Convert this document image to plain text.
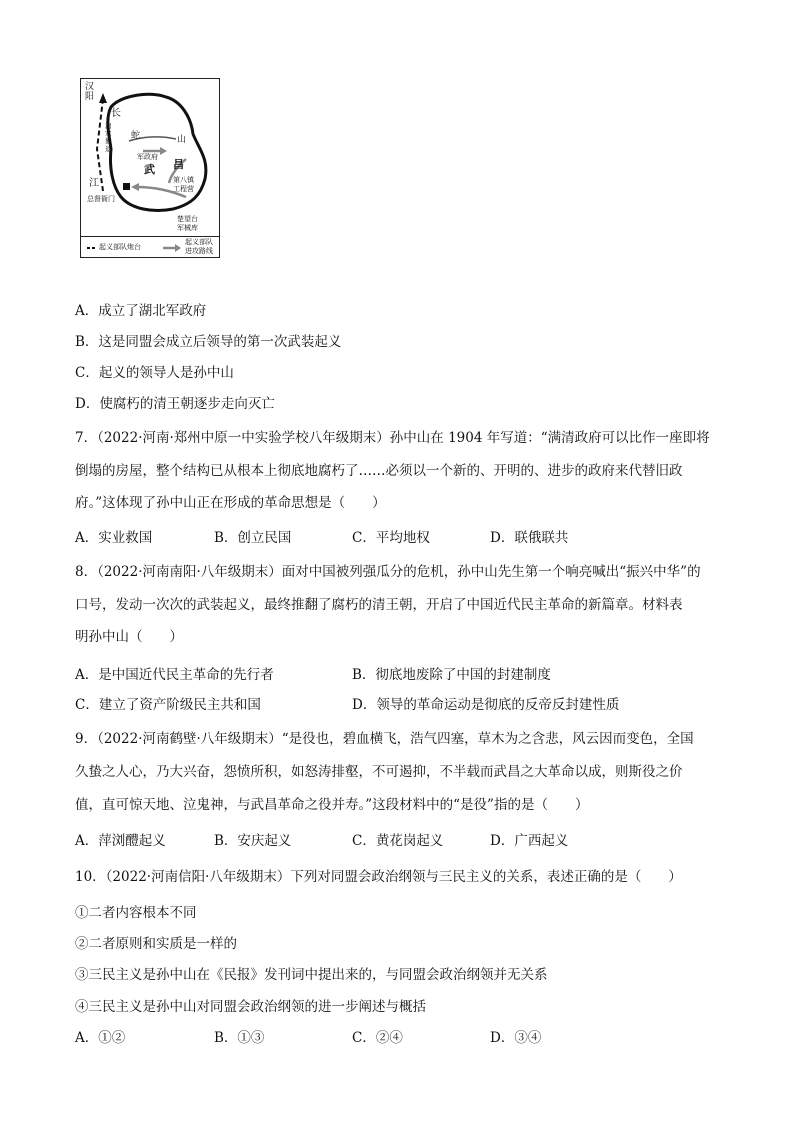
汉阳
长
蛇	山
军政府
武 昌
第八镇
工程营
江
总督衙门
楚望台
军械库
清军撤退
起义部队炮台
起义部队
进攻路线
A．成立了湖北军政府
B．这是同盟会成立后领导的第一次武装起义
C．起义的领导人是孙中山
D．使腐朽的清王朝逐步走向灭亡
7．（2022·河南·郑州中原一中实验学校八年级期末）孙中山在 1904 年写道：“满清政府可以比作一座即将
倒塌的房屋，整个结构已从根本上彻底地腐朽了……必须以一个新的、开明的、进步的政府来代替旧政
府。”这体现了孙中山正在形成的革命思想是（　　）
A．实业救国	B．创立民国	C．平均地权	D．联俄联共
8．（2022·河南南阳·八年级期末）面对中国被列强瓜分的危机，孙中山先生第一个响亮喊出“振兴中华”的
口号，发动一次次的武装起义，最终推翻了腐朽的清王朝，开启了中国近代民主革命的新篇章。材料表
明孙中山（　　）
A．是中国近代民主革命的先行者	B．彻底地废除了中国的封建制度
C．建立了资产阶级民主共和国	D．领导的革命运动是彻底的反帝反封建性质
9．（2022·河南鹤壁·八年级期末）“是役也，碧血横飞，浩气四塞，草木为之含悲，风云因而变色，全国
久蛰之人心，乃大兴奋，怨愤所积，如怒涛排壑，不可遏抑，不半载而武昌之大革命以成，则斯役之价
值，直可惊天地、泣鬼神，与武昌革命之役并寿。”这段材料中的“是役”指的是（　　）
A．萍浏醴起义	B．安庆起义	C．黄花岗起义	D．广西起义
10．（2022·河南信阳·八年级期末）下列对同盟会政治纲领与三民主义的关系，表述正确的是（　　）
①二者内容根本不同
②二者原则和实质是一样的
③三民主义是孙中山在《民报》发刊词中提出来的，与同盟会政治纲领并无关系
④三民主义是孙中山对同盟会政治纲领的进一步阐述与概括
A．①②	B．①③	C．②④	D．③④
